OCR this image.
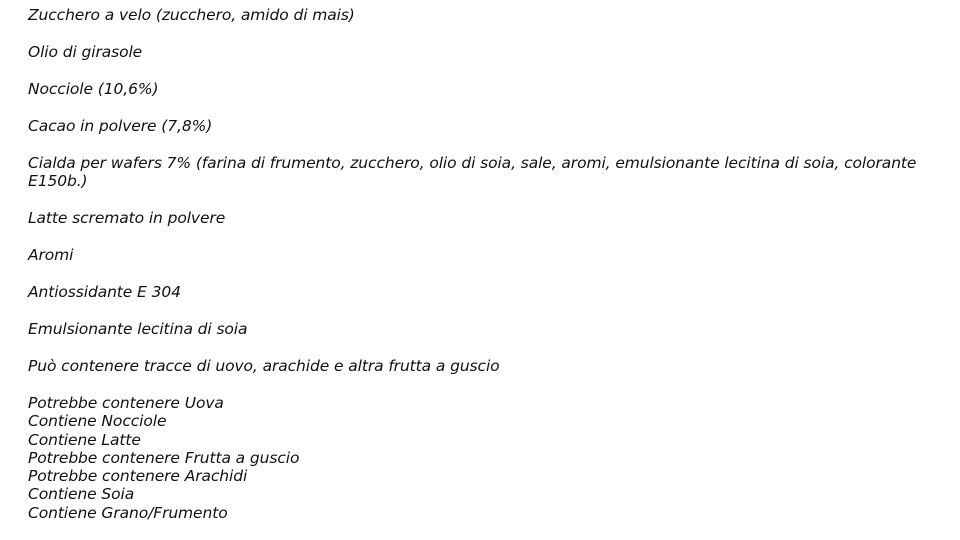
Zucchero a velo (zucchero, amido di mais)

Olio di girasole

Nocciole (10,6%)

Cacao in polvere (7,8%)

Cialda per wafers 7% (farina di frumento, zucchero, olio di soia, sale, aromi, emulsionante lecitina di soia, colorante E150b.)

Latte scremato in polvere

Aromi

Antiossidante E 304

Emulsionante lecitina di soia

Può contenere tracce di uovo, arachide e altra frutta a guscio

Potrebbe contenere Uova
Contiene Nocciole
Contiene Latte
Potrebbe contenere Frutta a guscio
Potrebbe contenere Arachidi
Contiene Soia
Contiene Grano/Frumento
